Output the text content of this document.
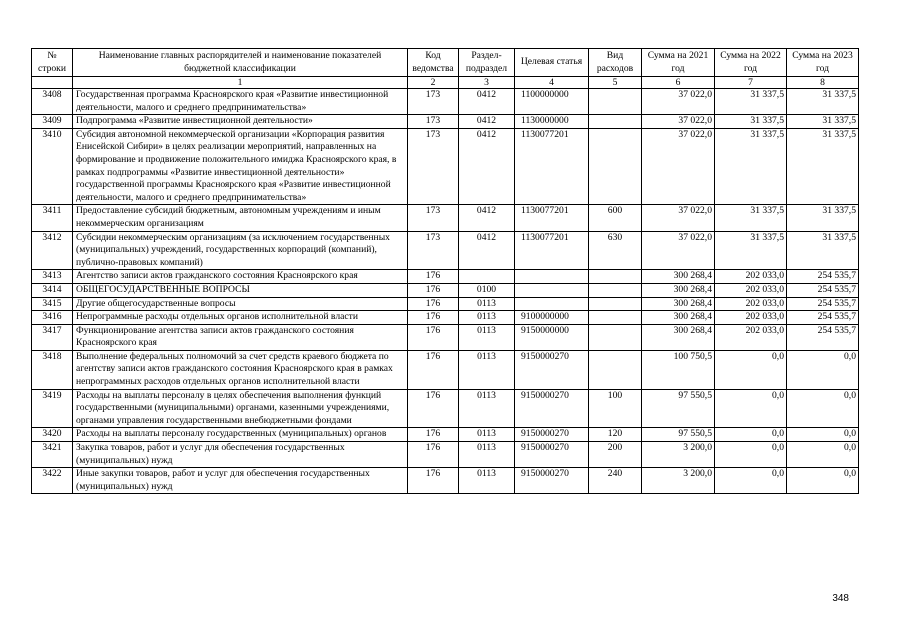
№ строки	Наименование главных распорядителей и наименование показателей бюджетной классификации	Код ведомства	Раздел-подраздел	Целевая статья	Вид расходов	Сумма на 2021 год	Сумма на 2022 год	Сумма на 2023 год
	1	2	3	4	5	6	7	8
3408	Государственная программа Красноярского края «Развитие инвестиционной деятельности, малого и среднего предпринимательства»	173	0412	1100000000		37 022,0	31 337,5	31 337,5
3409	Подпрограмма «Развитие инвестиционной деятельности»	173	0412	1130000000		37 022,0	31 337,5	31 337,5
3410	Субсидия автономной некоммерческой организации «Корпорация развития Енисейской Сибири» в целях реализации мероприятий, направленных на формирование и продвижение положительного имиджа Красноярского края, в рамках подпрограммы «Развитие инвестиционной деятельности» государственной программы Красноярского края «Развитие инвестиционной деятельности, малого и среднего предпринимательства»	173	0412	1130077201		37 022,0	31 337,5	31 337,5
3411	Предоставление субсидий бюджетным, автономным учреждениям и иным некоммерческим организациям	173	0412	1130077201	600	37 022,0	31 337,5	31 337,5
3412	Субсидии некоммерческим организациям (за исключением государственных (муниципальных) учреждений, государственных корпораций (компаний), публично-правовых компаний)	173	0412	1130077201	630	37 022,0	31 337,5	31 337,5
3413	Агентство записи актов гражданского состояния Красноярского края	176				300 268,4	202 033,0	254 535,7
3414	ОБЩЕГОСУДАРСТВЕННЫЕ ВОПРОСЫ	176	0100			300 268,4	202 033,0	254 535,7
3415	Другие общегосударственные вопросы	176	0113			300 268,4	202 033,0	254 535,7
3416	Непрограммные расходы отдельных органов исполнительной власти	176	0113	9100000000		300 268,4	202 033,0	254 535,7
3417	Функционирование агентства записи актов гражданского состояния Красноярского края	176	0113	9150000000		300 268,4	202 033,0	254 535,7
3418	Выполнение федеральных полномочий за счет средств краевого бюджета по агентству записи актов гражданского состояния Красноярского края в рамках непрограммных расходов отдельных органов исполнительной власти	176	0113	9150000270		100 750,5	0,0	0,0
3419	Расходы на выплаты персоналу в целях обеспечения выполнения функций государственными (муниципальными) органами, казенными учреждениями, органами управления государственными внебюджетными фондами	176	0113	9150000270	100	97 550,5	0,0	0,0
3420	Расходы на выплаты персоналу государственных (муниципальных) органов	176	0113	9150000270	120	97 550,5	0,0	0,0
3421	Закупка товаров, работ и услуг для обеспечения государственных (муниципальных) нужд	176	0113	9150000270	200	3 200,0	0,0	0,0
3422	Иные закупки товаров, работ и услуг для обеспечения государственных (муниципальных) нужд	176	0113	9150000270	240	3 200,0	0,0	0,0
348
